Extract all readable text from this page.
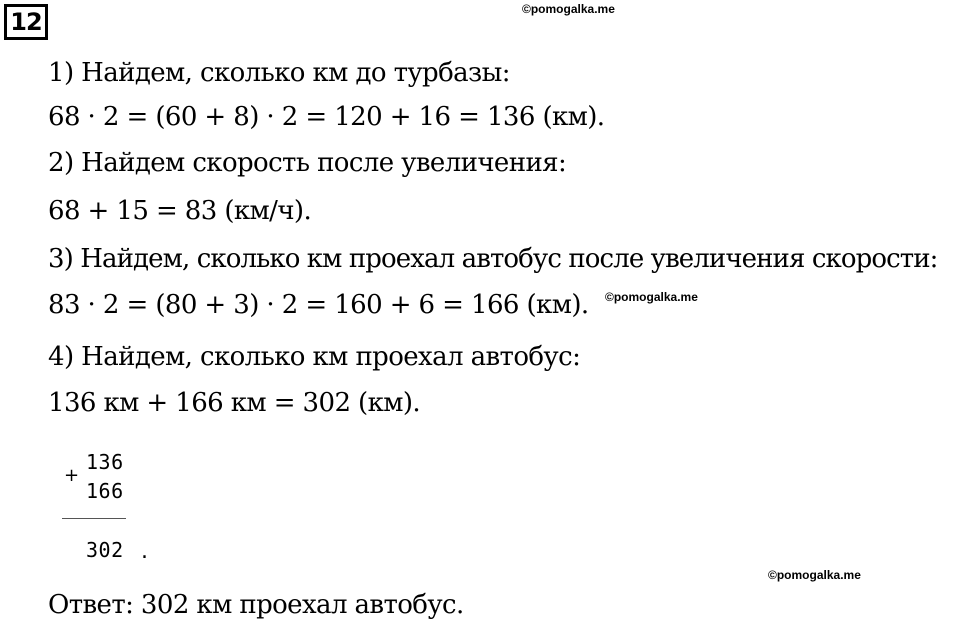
12	©pomogalka.me
1) Найдем, сколько км до турбазы:
68 · 2 = (60 + 8) · 2 = 120 + 16 = 136 (км).
2) Найдем скорость после увеличения:
68 + 15 = 83 (км/ч).
3) Найдем, сколько км проехал автобус после увеличения скорости:
83 · 2 = (80 + 3) · 2 = 160 + 6 = 166 (км). ©pomogalka.me
4) Найдем, сколько км проехал автобус:
136 км + 166 км = 302 (км).
+
136
166
302 .
©pomogalka.me
Ответ: 302 км проехал автобус.
